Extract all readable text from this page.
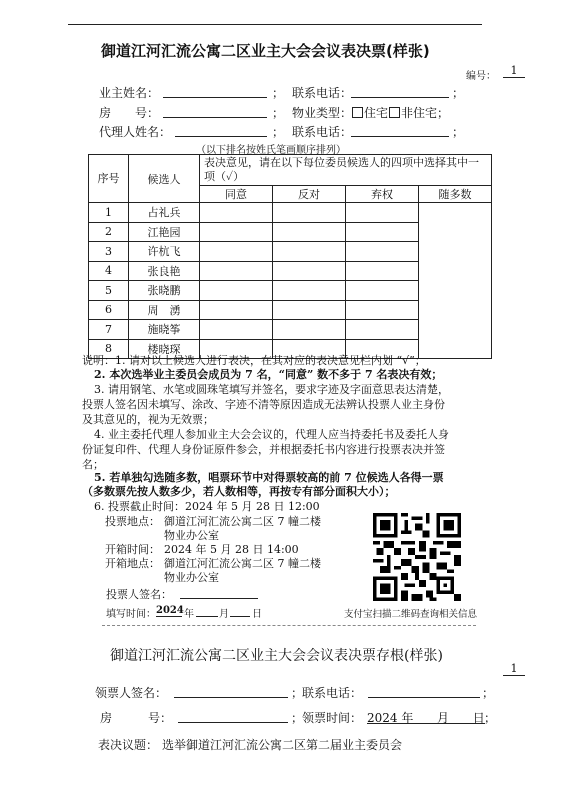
御道江河汇流公寓二区业主大会会议表决票(样张)
编号：	1
业主姓名：	； 联系电话：	；
房　　号：	； 物业类型： 住宅 非住宅；
代理人姓名：	； 联系电话：	；
（以下排名按姓氏笔画顺序排列）
序号	候选人	表决意见，请在以下每位委员候选人的四项中选择其中一项（✓）			
		同意	反对	弃权	随多数
1	占礼兵				
2	江艳园				
3	许杭飞				
4	张良艳				
5	张晓鹏				
6	周　湧				
7	施晓筝				
8	楼晓琛				
说明：1. 请对以上候选人进行表决，在其对应的表决意见栏内划 “√”；
2. 本次选举业主委员会成员为 7 名，“同意” 数不多于 7 名表决有效；
3. 请用钢笔、水笔或圆珠笔填写并签名，要求字迹及字面意思表达清楚，
投票人签名因未填写、涂改、字迹不清等原因造成无法辨认投票人业主身份
及其意见的，视为无效票；
4. 业主委托代理人参加业主大会会议的，代理人应当持委托书及委托人身
份证复印件、代理人身份证原件参会，并根据委托书内容进行投票表决并签
名；
5. 若单独勾选随多数，唱票环节中对得票较高的前 7 位候选人各得一票
（多数票先按人数多少，若人数相等，再按专有部分面积大小）；
6. 投票截止时间：2024 年 5 月 28 日 12:00
投票地点： 御道江河汇流公寓二区 7 幢二楼
物业办公室
开箱时间： 2024 年 5 月 28 日 14:00
开箱地点： 御道江河汇流公寓二区 7 幢二楼
物业办公室
投票人签名：
填写时间： 2024 年	月 日	支付宝扫描二维码查询相关信息
御道江河汇流公寓二区业主大会会议表决票存根(样张)
1
领票人签名：	；
联系电话：	；
房　　　号：	；
领票时间： 2024 年 月 日 ；
表决议题： 选举御道江河汇流公寓二区第二届业主委员会
